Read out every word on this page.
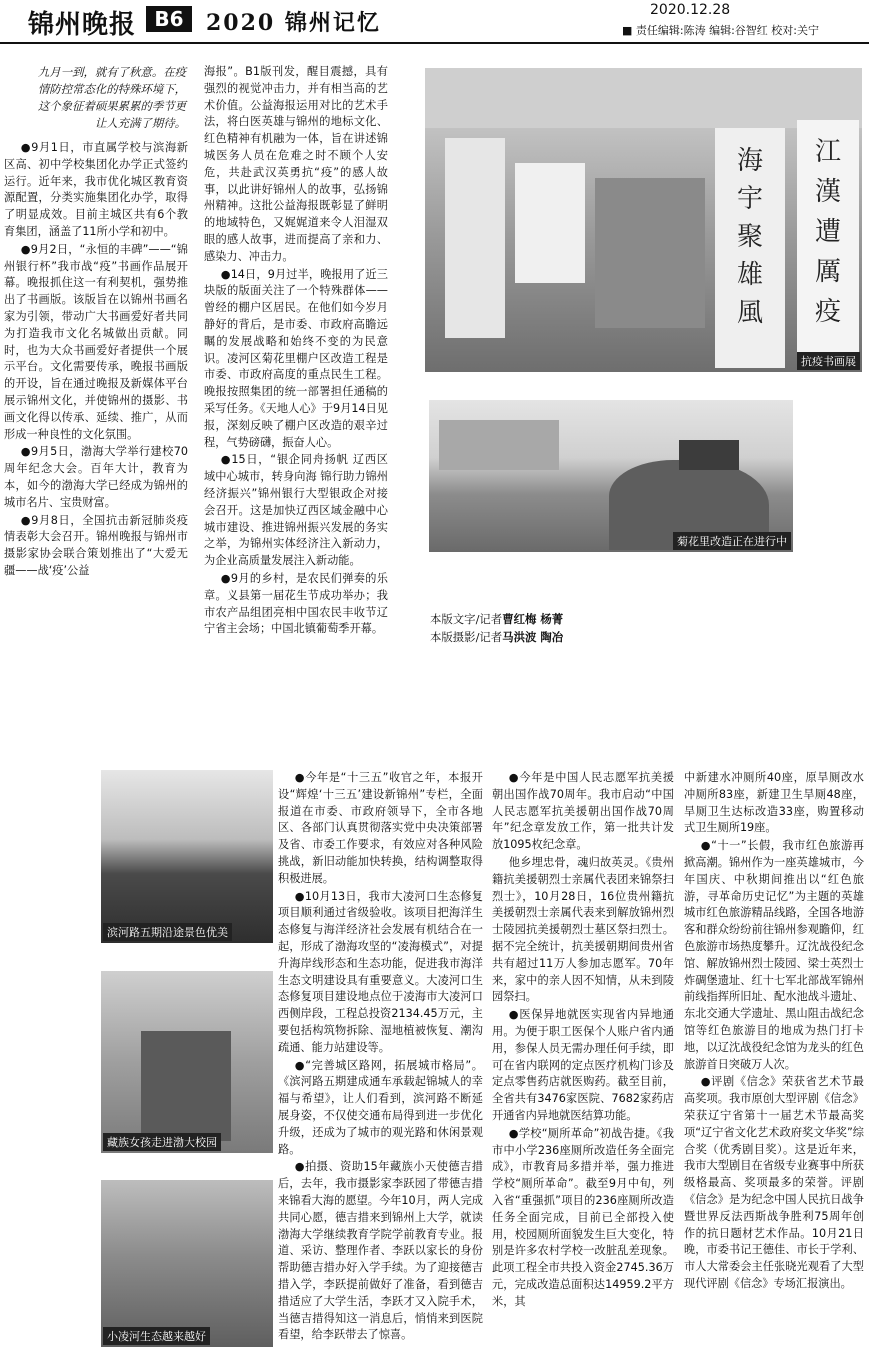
锦州晚报 B6	2020 锦州记忆	2020.12.28
■ 责任编辑:陈涛 编辑:谷智红 校对:关宁
九月一到，就有了秋意。在疫情防控常态化的特殊环境下，这个象征着硕果累累的季节更让人充满了期待。

●9月1日，市直属学校与滨海新区高、初中学校集团化办学正式签约运行。近年来，我市优化城区教育资源配置，分类实施集团化办学，取得了明显成效。目前主城区共有6个教育集团，涵盖了11所小学和初中。

●9月2日，“永恒的丰碑”——“锦州银行杯”我市战“疫”书画作品展开幕。晚报抓住这一有利契机，强势推出了书画版。该版旨在以锦州书画名家为引领，带动广大书画爱好者共同为打造我市文化名城做出贡献。同时，也为大众书画爱好者提供一个展示平台。文化需要传承，晚报书画版的开设，旨在通过晚报及新媒体平台展示锦州文化，并使锦州的摄影、书画文化得以传承、延续、推广，从而形成一种良性的文化氛围。

●9月5日，渤海大学举行建校70周年纪念大会。百年大计，教育为本，如今的渤海大学已经成为锦州的城市名片、宝贵财富。

●9月8日，全国抗击新冠肺炎疫情表彰大会召开。锦州晚报与锦州市摄影家协会联合策划推出了“大爱无疆——战‘疫’公益

海报”。B1版刊发，醒目震撼，具有强烈的视觉冲击力，并有相当高的艺术价值。公益海报运用对比的艺术手法，将白医英雄与锦州的地标文化、红色精神有机融为一体，旨在讲述锦城医务人员在危难之时不顾个人安危，共赴武汉英勇抗“疫”的感人故事，以此讲好锦州人的故事，弘扬锦州精神。这批公益海报既彰显了鲜明的地域特色，又娓娓道来令人泪湿双眼的感人故事，进而提高了亲和力、感染力、冲击力。

●14日，9月过半，晚报用了近三块版的版面关注了一个特殊群体——曾经的棚户区居民。在他们如今岁月静好的背后，是市委、市政府高瞻远瞩的发展战略和始终不变的为民意识。凌河区菊花里棚户区改造工程是市委、市政府高度的重点民生工程。晚报按照集团的统一部署担任通稿的采写任务。《天地人心》于9月14日见报，深刻反映了棚户区改造的艰辛过程，气势磅礴，振奋人心。

●15日，“银企同舟扬帆 辽西区域中心城市，转身向海 锦行助力锦州经济振兴”锦州银行大型银政企对接会召开。这是加快辽西区域金融中心城市建设、推进锦州振兴发展的务实之举，为锦州实体经济注入新动力，为企业高质量发展注入新动能。

●9月的乡村，是农民们弹奏的乐章。义县第一届花生节成功举办；我市农产品组团亮相中国农民丰收节辽宁省主会场；中国北镇葡萄季开幕。

海
宇
聚
雄
風
江
漢
遭
厲
疫
抗疫书画展
菊花里改造正在进行中
本版文字/记者曹红梅 杨菁
本版摄影/记者马洪波 陶冶
滨河路五期沿途景色优美
藏族女孩走进渤大校园
小凌河生态越来越好

●今年是“十三五”收官之年，本报开设“辉煌‘十三五’建设新锦州”专栏，全面报道在市委、市政府领导下，全市各地区、各部门认真贯彻落实党中央决策部署及省、市委工作要求，有效应对各种风险挑战，新旧动能加快转换，结构调整取得积极进展。

●10月13日，我市大凌河口生态修复项目顺利通过省级验收。该项目把海洋生态修复与海洋经济社会发展有机结合在一起，形成了渤海攻坚的“凌海模式”，对提升海岸线形态和生态功能，促进我市海洋生态文明建设具有重要意义。大凌河口生态修复项目建设地点位于凌海市大凌河口西侧岸段，工程总投资2134.45万元，主要包括构筑物拆除、湿地植被恢复、潮沟疏通、能力站建设等。

●“完善城区路网，拓展城市格局”。《滨河路五期建成通车承载起锦城人的幸福与希望》，让人们看到，滨河路不断延展身姿，不仅使交通布局得到进一步优化升级，还成为了城市的观光路和休闲景观路。

●拍摄、资助15年藏族小天使德吉措后，去年，我市摄影家李跃园了带德吉措来锦看大海的愿望。今年10月，两人完成共同心愿，德吉措来到锦州上大学，就读渤海大学继续教育学院学前教育专业。报道、采访、整理作者、李跃以家长的身份帮助德吉措办好入学手续。为了迎接德吉措入学，李跃提前做好了准备，看到德吉措适应了大学生活，李跃才又入院手术，当德吉措得知这一消息后，悄悄来到医院看望，给李跃带去了惊喜。

●今年是中国人民志愿军抗美援朝出国作战70周年。我市启动“中国人民志愿军抗美援朝出国作战70周年”纪念章发放工作，第一批共计发放1095枚纪念章。

他乡埋忠骨，魂归故英灵。《贵州籍抗美援朝烈士亲属代表团来锦祭扫烈士》，10月28日，16位贵州籍抗美援朝烈士亲属代表来到解放锦州烈士陵园抗美援朝烈士墓区祭扫烈士。据不完全统计，抗美援朝期间贵州省共有超过11万人参加志愿军。70年来，家中的亲人因不知情，从未到陵园祭扫。

●医保异地就医实现省内异地通用。为便于职工医保个人账户省内通用，参保人员无需办理任何手续，即可在省内联网的定点医疗机构门诊及定点零售药店就医购药。截至目前，全省共有3476家医院、7682家药店开通省内异地就医结算功能。

●学校“厕所革命”初战告捷。《我市中小学236座厕所改造任务全面完成》，市教育局多措并举，强力推进学校“厕所革命”。截至9月中旬，列入省“重强抓”项目的236座厕所改造任务全面完成，目前已全部投入使用，校园厕所面貌发生巨大变化，特别是许多农村学校一改脏乱差现象。此项工程全市共投入资金2745.36万元，完成改造总面积达14959.2平方米，其

中新建水冲厕所40座，原旱厕改水冲厕所83座，新建卫生旱厕48座，旱厕卫生达标改造33座，购置移动式卫生厕所19座。

●“十一”长假，我市红色旅游再掀高潮。锦州作为一座英雄城市，今年国庆、中秋期间推出以“红色旅游，寻革命历史记忆”为主题的英雄城市红色旅游精品线路，全国各地游客和群众纷纷前往锦州参观瞻仰，红色旅游市场热度攀升。辽沈战役纪念馆、解放锦州烈士陵园、梁士英烈士炸碉堡遗址、红十七军北部战军锦州前线指挥所旧址、配水池战斗遗址、东北交通大学遗址、黑山阻击战纪念馆等红色旅游目的地成为热门打卡地，以辽沈战役纪念馆为龙头的红色旅游首日突破万人次。

●评剧《信念》荣获省艺术节最高奖项。我市原创大型评剧《信念》荣获辽宁省第十一届艺术节最高奖项“辽宁省文化艺术政府奖文华奖”综合奖（优秀剧目奖）。这是近年来，我市大型剧目在省级专业赛事中所获级格最高、奖项最多的荣誉。评剧《信念》是为纪念中国人民抗日战争暨世界反法西斯战争胜利75周年创作的抗日题材艺术作品。10月21日晚，市委书记王德佳、市长于学利、市人大常委会主任张晓光观看了大型现代评剧《信念》专场汇报演出。
